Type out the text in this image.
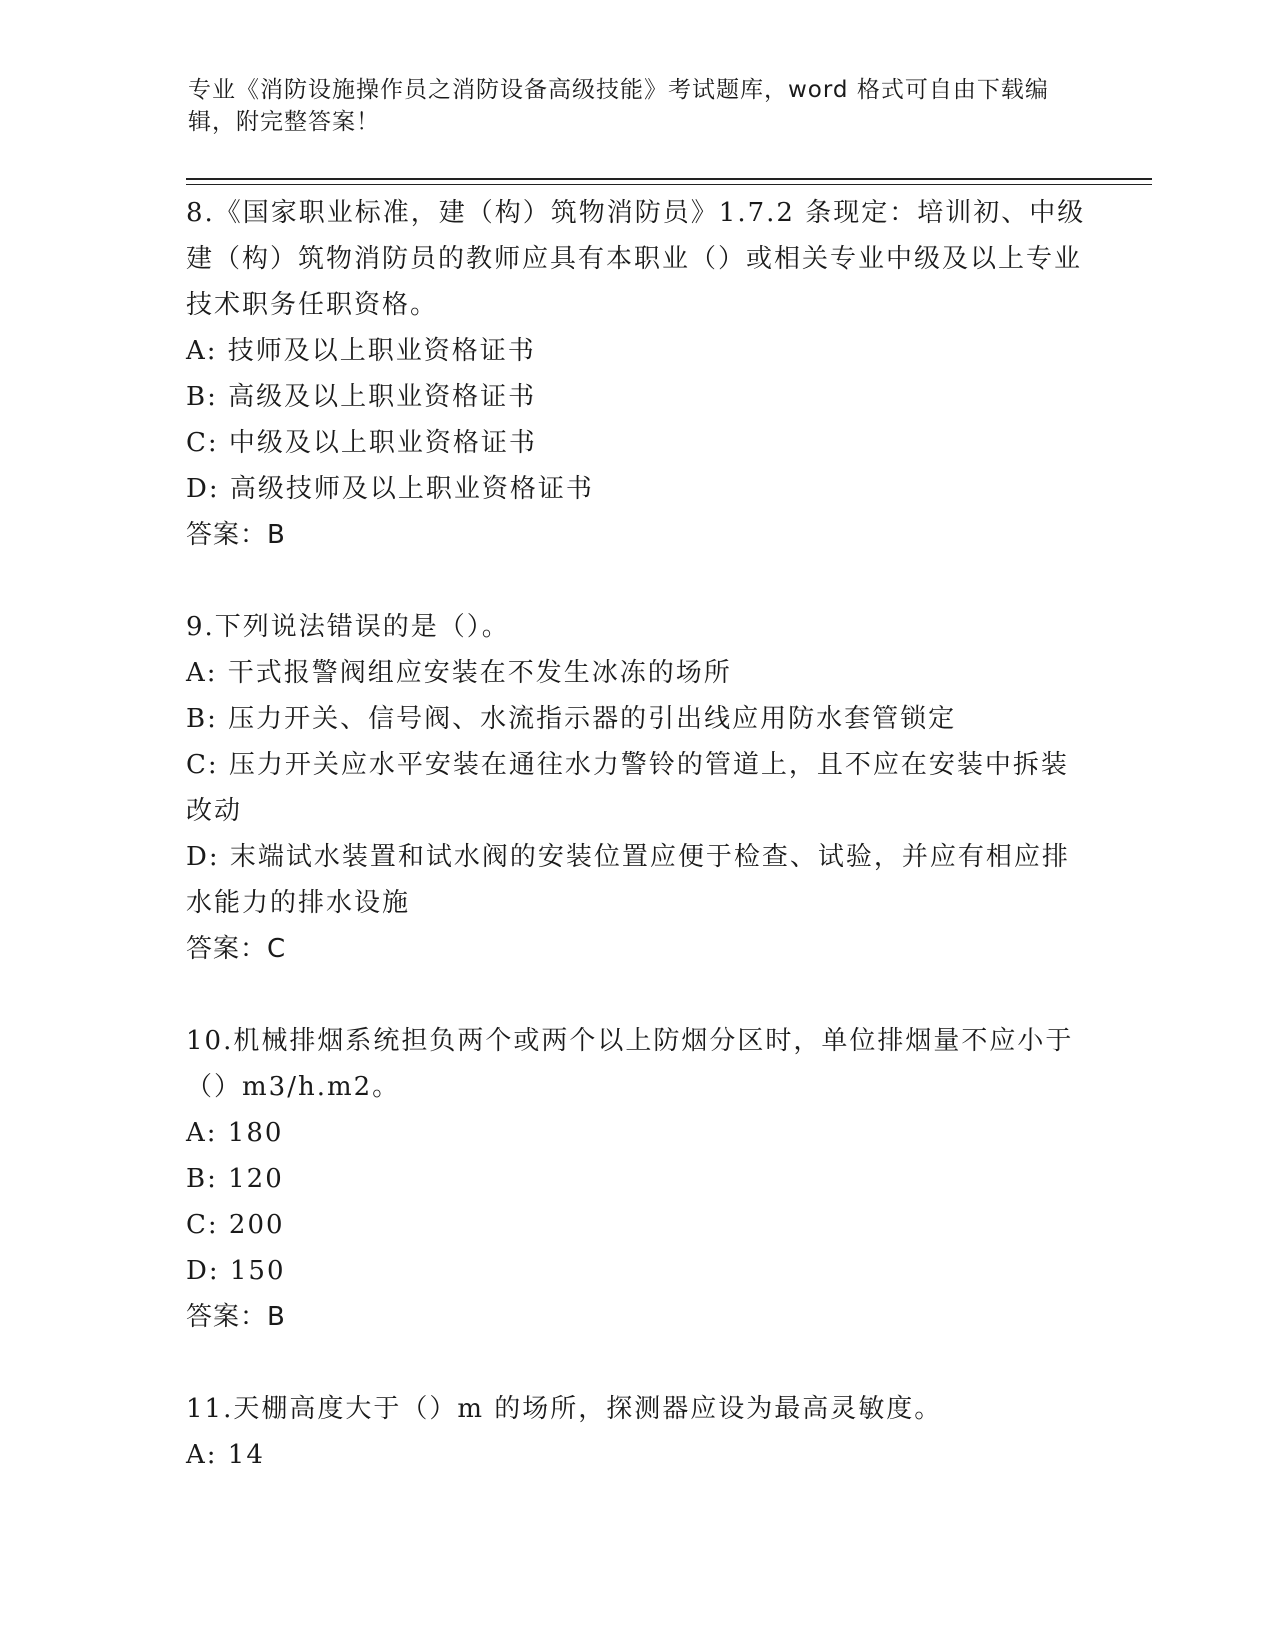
专业《消防设施操作员之消防设备高级技能》考试题库，word 格式可自由下载编辑，附完整答案！

8.《国家职业标准，建（构）筑物消防员》1.7.2 条现定：培训初、中级建（构）筑物消防员的教师应具有本职业（）或相关专业中级及以上专业技术职务任职资格。

A: 技师及以上职业资格证书

B: 高级及以上职业资格证书

C: 中级及以上职业资格证书

D: 高级技师及以上职业资格证书

答案：B

9.下列说法错误的是（）。

A: 干式报警阀组应安装在不发生冰冻的场所

B: 压力开关、信号阀、水流指示器的引出线应用防水套管锁定

C: 压力开关应水平安装在通往水力警铃的管道上，且不应在安装中拆装改动

D: 末端试水装置和试水阀的安装位置应便于检查、试验，并应有相应排水能力的排水设施

答案：C

10.机械排烟系统担负两个或两个以上防烟分区时，单位排烟量不应小于（）m3/h.m2。

A: 180

B: 120

C: 200

D: 150

答案：B

11.天棚高度大于（）m 的场所，探测器应设为最高灵敏度。

A: 14
